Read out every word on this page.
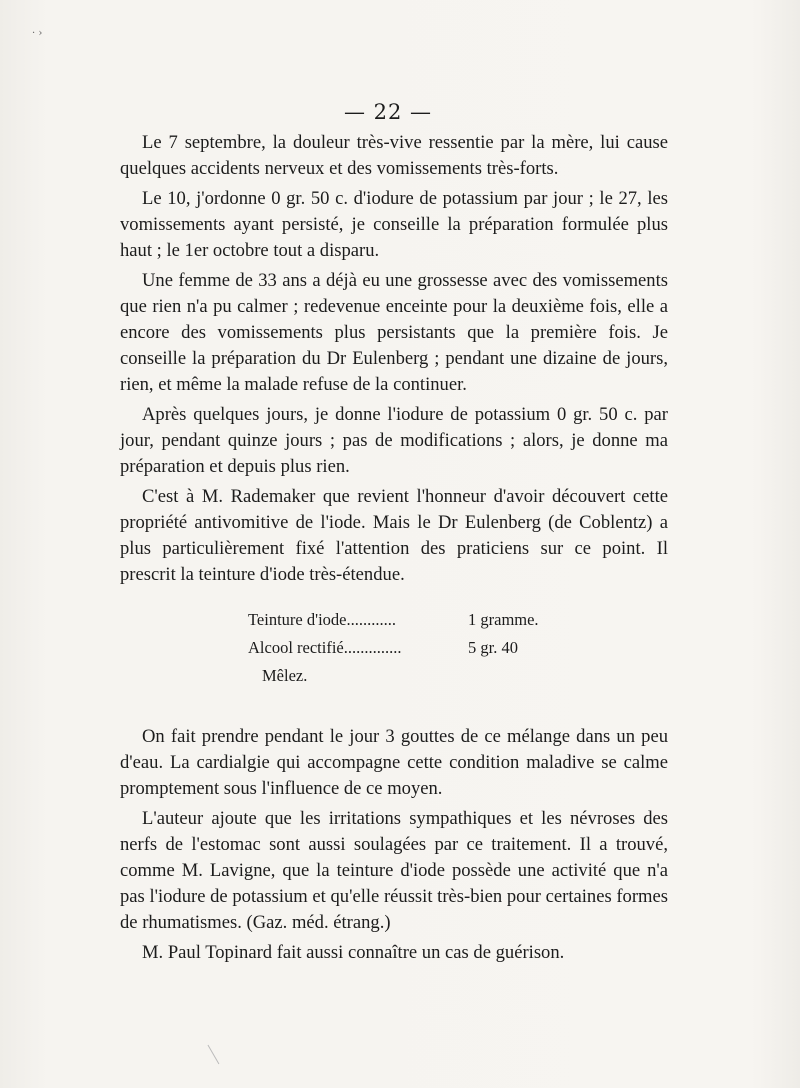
· ›
— 22 —

Le 7 septembre, la douleur très-vive ressentie par la mère, lui cause quelques accidents nerveux et des vomissements très-forts.

Le 10, j'ordonne 0 gr. 50 c. d'iodure de potassium par jour ; le 27, les vomissements ayant persisté, je conseille la préparation formulée plus haut ; le 1er octobre tout a disparu.

Une femme de 33 ans a déjà eu une grossesse avec des vomissements que rien n'a pu calmer ; redevenue enceinte pour la deuxième fois, elle a encore des vomissements plus persistants que la première fois. Je conseille la préparation du Dr Eulenberg ; pendant une dizaine de jours, rien, et même la malade refuse de la continuer.

Après quelques jours, je donne l'iodure de potassium 0 gr. 50 c. par jour, pendant quinze jours ; pas de modifications ; alors, je donne ma préparation et depuis plus rien.

C'est à M. Rademaker que revient l'honneur d'avoir découvert cette propriété antivomitive de l'iode. Mais le Dr Eulenberg (de Coblentz) a plus particulièrement fixé l'attention des praticiens sur ce point. Il prescrit la teinture d'iode très-étendue.

Teinture d'iode............	1 gramme.
Alcool rectifié..............	5 gr. 40
Mêlez.

On fait prendre pendant le jour 3 gouttes de ce mélange dans un peu d'eau. La cardialgie qui accompagne cette condition maladive se calme promptement sous l'influence de ce moyen.

L'auteur ajoute que les irritations sympathiques et les névroses des nerfs de l'estomac sont aussi soulagées par ce traitement. Il a trouvé, comme M. Lavigne, que la teinture d'iode possède une activité que n'a pas l'iodure de potassium et qu'elle réussit très-bien pour certaines formes de rhumatismes. (Gaz. méd. étrang.)

M. Paul Topinard fait aussi connaître un cas de guérison.
